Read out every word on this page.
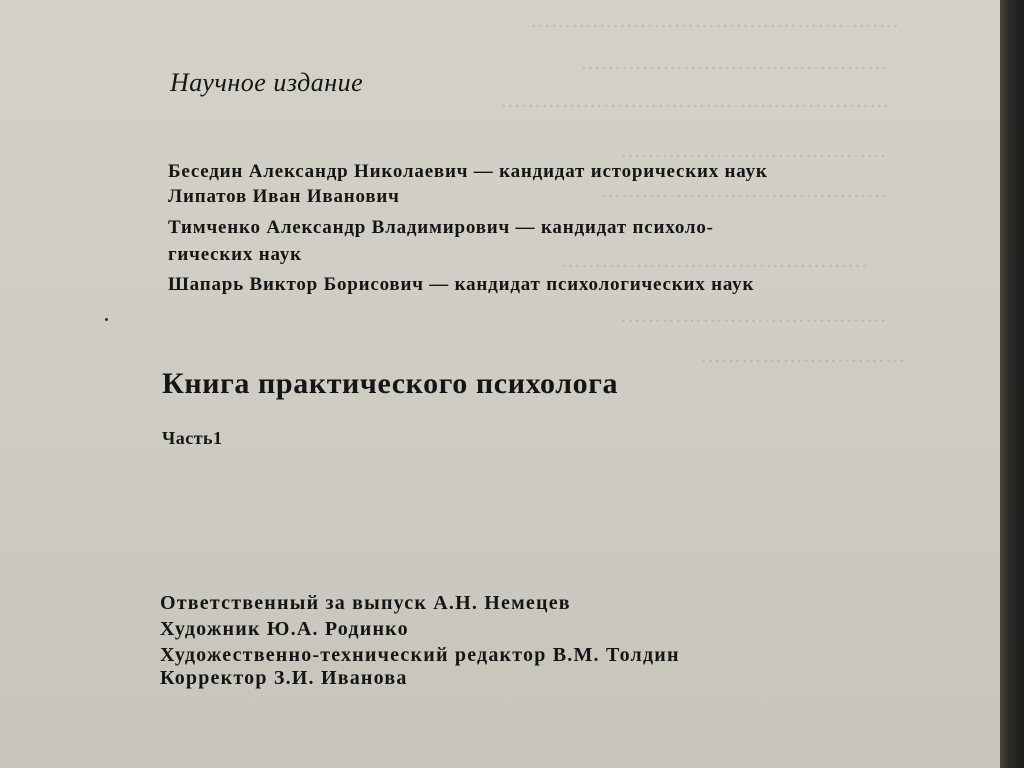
………………………………………………
………………………………………
…………………………………………………
…………………………………
……………………………………
………………………………………
…………………………………
…………………………
Научное издание
Беседин Александр Николаевич — кандидат исторических наук
Липатов Иван Иванович
Тимченко Александр Владимирович — кандидат психоло-
гических наук
Шапарь Виктор Борисович — кандидат психологических наук
Книга практического психолога
Часть1
Ответственный за выпуск А.Н. Немецев
Художник Ю.А. Родинко
Художественно-технический редактор В.М. Толдин
Корректор З.И. Иванова
